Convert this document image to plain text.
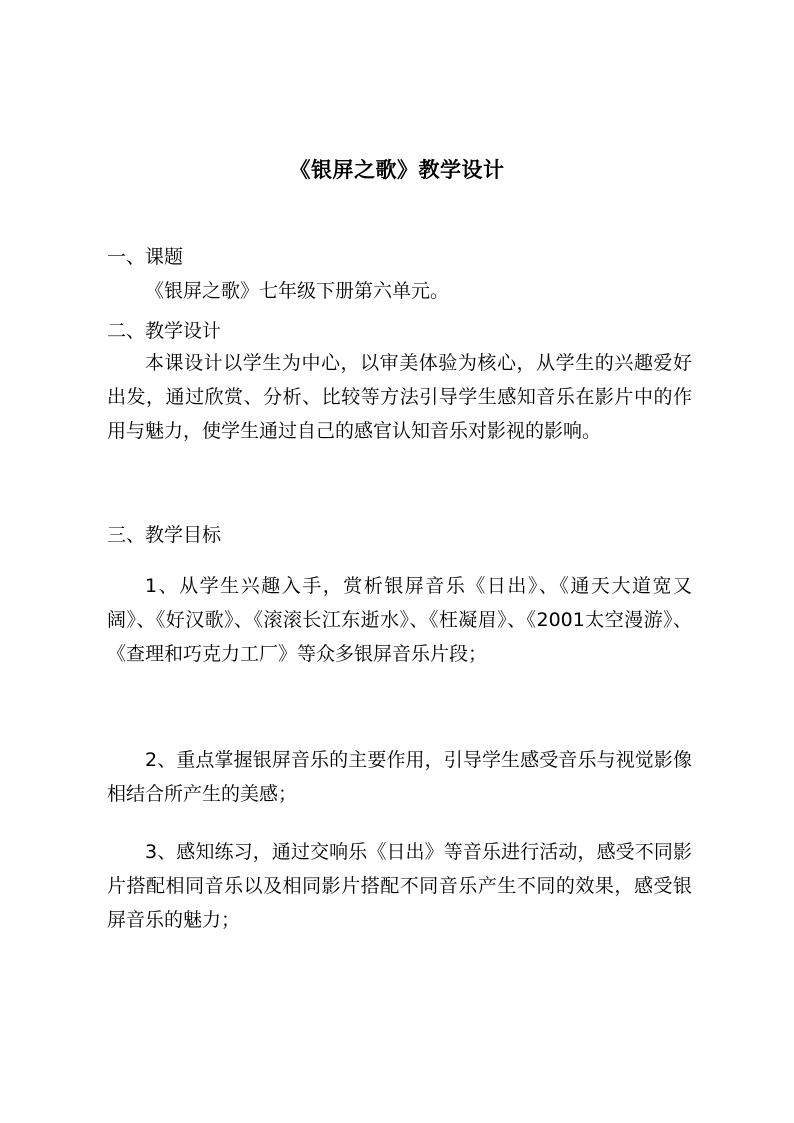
《银屏之歌》教学设计
一、课题

《银屏之歌》七年级下册第六单元。

二、教学设计

本课设计以学生为中心，以审美体验为核心，从学生的兴趣爱好出发，通过欣赏、分析、比较等方法引导学生感知音乐在影片中的作用与魅力，使学生通过自己的感官认知音乐对影视的影响。

三、教学目标

1、从学生兴趣入手，赏析银屏音乐《日出》、《通天大道宽又阔》、《好汉歌》、《滚滚长江东逝水》、《枉凝眉》、《2001太空漫游》、《查理和巧克力工厂》等众多银屏音乐片段；

2、重点掌握银屏音乐的主要作用，引导学生感受音乐与视觉影像相结合所产生的美感；

3、感知练习，通过交响乐《日出》等音乐进行活动，感受不同影片搭配相同音乐以及相同影片搭配不同音乐产生不同的效果，感受银屏音乐的魅力；
